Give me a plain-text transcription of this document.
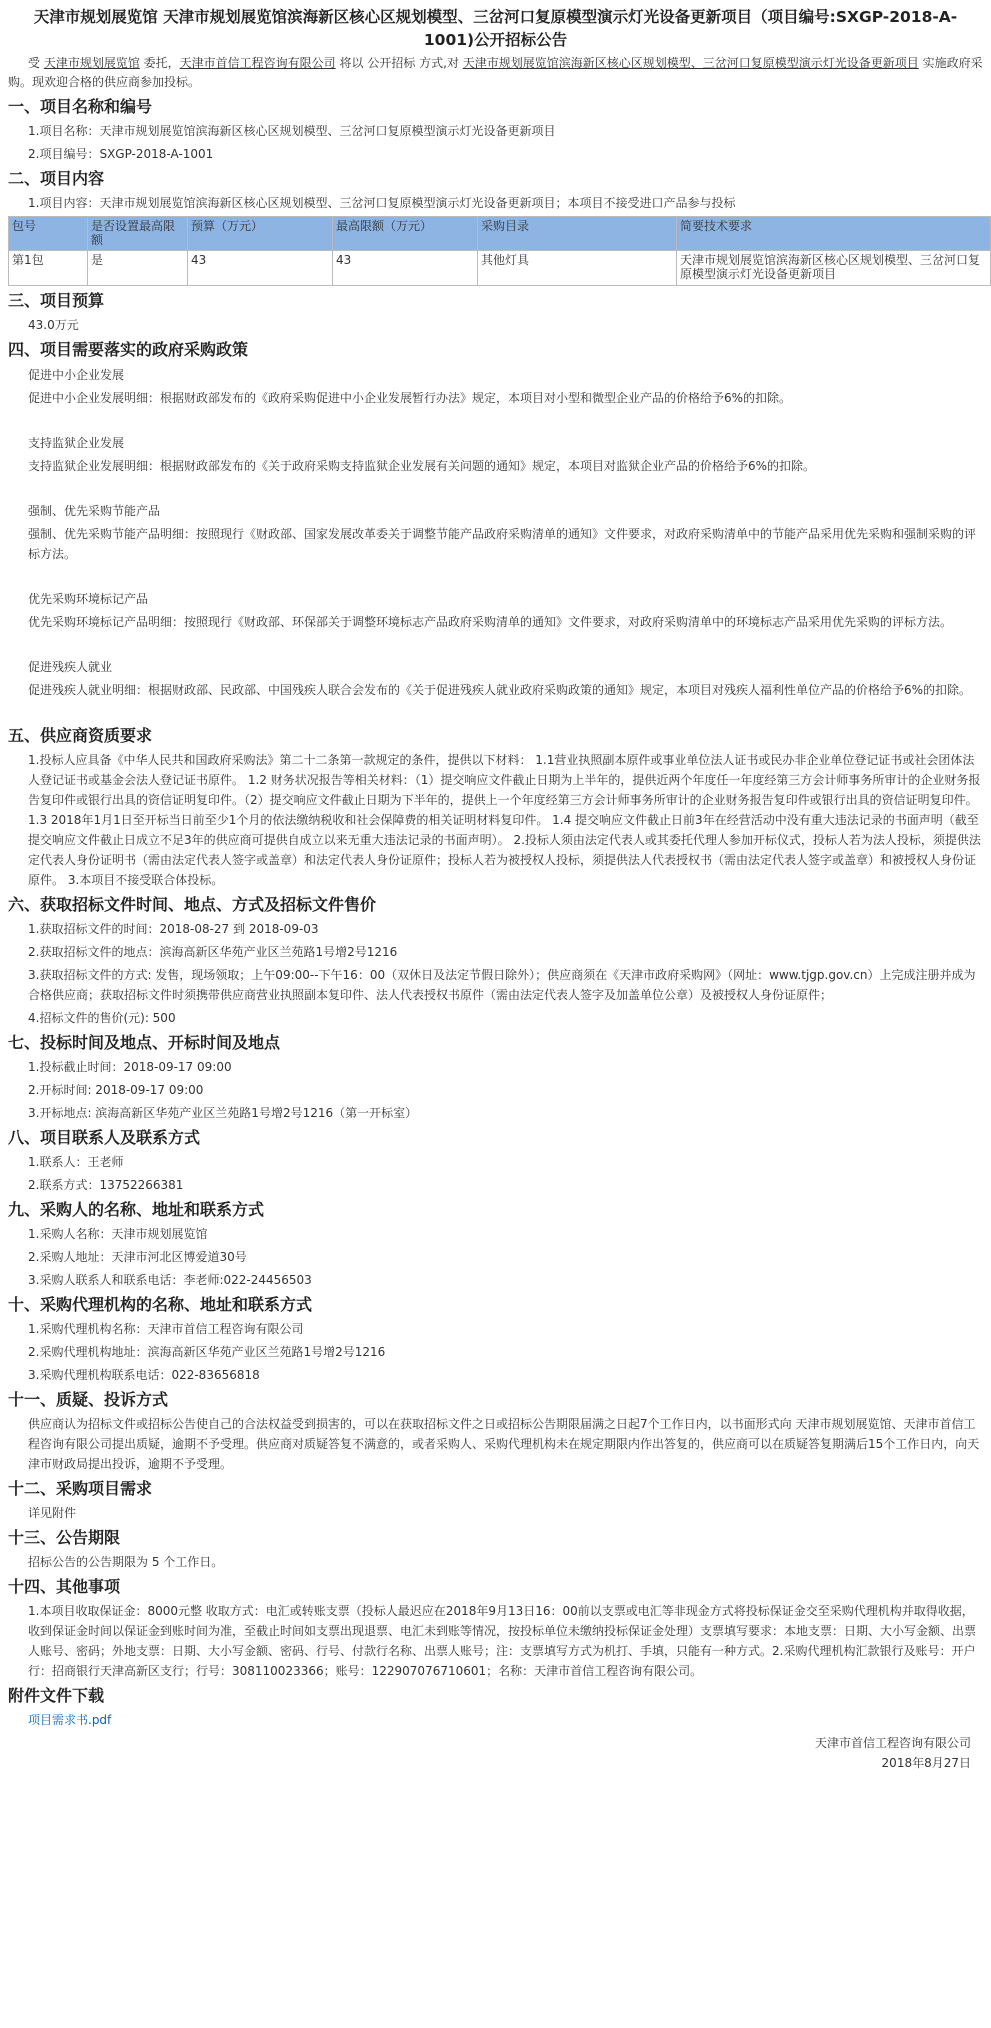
天津市规划展览馆 天津市规划展览馆滨海新区核心区规划模型、三岔河口复原模型演示灯光设备更新项目（项目编号:SXGP-2018-A-1001)公开招标公告
受 天津市规划展览馆 委托，天津市首信工程咨询有限公司 将以 公开招标 方式,对 天津市规划展览馆滨海新区核心区规划模型、三岔河口复原模型演示灯光设备更新项目 实施政府采购。现欢迎合格的供应商参加投标。
一、项目名称和编号
1.项目名称：天津市规划展览馆滨海新区核心区规划模型、三岔河口复原模型演示灯光设备更新项目
2.项目编号：SXGP-2018-A-1001
二、项目内容
1.项目内容：天津市规划展览馆滨海新区核心区规划模型、三岔河口复原模型演示灯光设备更新项目；本项目不接受进口产品参与投标
包号	是否设置最高限额	预算（万元）	最高限额（万元）	采购目录	简要技术要求
第1包	是	43	43	其他灯具	天津市规划展览馆滨海新区核心区规划模型、三岔河口复原模型演示灯光设备更新项目
三、项目预算
43.0万元
四、项目需要落实的政府采购政策
促进中小企业发展
促进中小企业发展明细：根据财政部发布的《政府采购促进中小企业发展暂行办法》规定，本项目对小型和微型企业产品的价格给予6%的扣除。
支持监狱企业发展
支持监狱企业发展明细：根据财政部发布的《关于政府采购支持监狱企业发展有关问题的通知》规定，本项目对监狱企业产品的价格给予6%的扣除。
强制、优先采购节能产品
强制、优先采购节能产品明细：按照现行《财政部、国家发展改革委关于调整节能产品政府采购清单的通知》文件要求，对政府采购清单中的节能产品采用优先采购和强制采购的评标方法。
优先采购环境标记产品
优先采购环境标记产品明细：按照现行《财政部、环保部关于调整环境标志产品政府采购清单的通知》文件要求，对政府采购清单中的环境标志产品采用优先采购的评标方法。
促进残疾人就业
促进残疾人就业明细：根据财政部、民政部、中国残疾人联合会发布的《关于促进残疾人就业政府采购政策的通知》规定，本项目对残疾人福利性单位产品的价格给予6%的扣除。
五、供应商资质要求
1.投标人应具备《中华人民共和国政府采购法》第二十二条第一款规定的条件，提供以下材料： 1.1营业执照副本原件或事业单位法人证书或民办非企业单位登记证书或社会团体法人登记证书或基金会法人登记证书原件。 1.2 财务状况报告等相关材料：（1）提交响应文件截止日期为上半年的，提供近两个年度任一年度经第三方会计师事务所审计的企业财务报告复印件或银行出具的资信证明复印件。（2）提交响应文件截止日期为下半年的，提供上一个年度经第三方会计师事务所审计的企业财务报告复印件或银行出具的资信证明复印件。 1.3 2018年1月1日至开标当日前至少1个月的依法缴纳税收和社会保障费的相关证明材料复印件。 1.4 提交响应文件截止日前3年在经营活动中没有重大违法记录的书面声明（截至提交响应文件截止日成立不足3年的供应商可提供自成立以来无重大违法记录的书面声明）。 2.投标人须由法定代表人或其委托代理人参加开标仪式，投标人若为法人投标，须提供法定代表人身份证明书（需由法定代表人签字或盖章）和法定代表人身份证原件；投标人若为被授权人投标，须提供法人代表授权书（需由法定代表人签字或盖章）和被授权人身份证原件。 3.本项目不接受联合体投标。
六、获取招标文件时间、地点、方式及招标文件售价
1.获取招标文件的时间：2018-08-27 到 2018-09-03
2.获取招标文件的地点：滨海高新区华苑产业区兰苑路1号增2号1216
3.获取招标文件的方式: 发售，现场领取；上午09:00--下午16：00（双休日及法定节假日除外）；供应商须在《天津市政府采购网》（网址：www.tjgp.gov.cn）上完成注册并成为合格供应商；获取招标文件时须携带供应商营业执照副本复印件、法人代表授权书原件（需由法定代表人签字及加盖单位公章）及被授权人身份证原件；
4.招标文件的售价(元): 500
七、投标时间及地点、开标时间及地点
1.投标截止时间：2018-09-17 09:00
2.开标时间: 2018-09-17 09:00
3.开标地点: 滨海高新区华苑产业区兰苑路1号增2号1216（第一开标室）
八、项目联系人及联系方式
1.联系人：王老师
2.联系方式：13752266381
九、采购人的名称、地址和联系方式
1.采购人名称：天津市规划展览馆
2.采购人地址：天津市河北区博爱道30号
3.采购人联系人和联系电话：李老师:022-24456503
十、采购代理机构的名称、地址和联系方式
1.采购代理机构名称：天津市首信工程咨询有限公司
2.采购代理机构地址：滨海高新区华苑产业区兰苑路1号增2号1216
3.采购代理机构联系电话：022-83656818
十一、质疑、投诉方式
供应商认为招标文件或招标公告使自己的合法权益受到损害的，可以在获取招标文件之日或招标公告期限届满之日起7个工作日内，以书面形式向 天津市规划展览馆、天津市首信工程咨询有限公司提出质疑，逾期不予受理。供应商对质疑答复不满意的，或者采购人、采购代理机构未在规定期限内作出答复的，供应商可以在质疑答复期满后15个工作日内，向天津市财政局提出投诉，逾期不予受理。
十二、采购项目需求
详见附件
十三、公告期限
招标公告的公告期限为 5 个工作日。
十四、其他事项
1.本项目收取保证金：8000元整 收取方式：电汇或转账支票（投标人最迟应在2018年9月13日16：00前以支票或电汇等非现金方式将投标保证金交至采购代理机构并取得收据，收到保证金时间以保证金到账时间为准，至截止时间如支票出现退票、电汇未到账等情况，按投标单位未缴纳投标保证金处理）支票填写要求：本地支票：日期、大小写金额、出票人账号、密码；外地支票：日期、大小写金额、密码、行号、付款行名称、出票人账号；注：支票填写方式为机打、手填，只能有一种方式。2.采购代理机构汇款银行及账号：开户行：招商银行天津高新区支行；行号：308110023366；账号：122907076710601；名称：天津市首信工程咨询有限公司。
附件文件下载
项目需求书.pdf
天津市首信工程咨询有限公司
2018年8月27日
